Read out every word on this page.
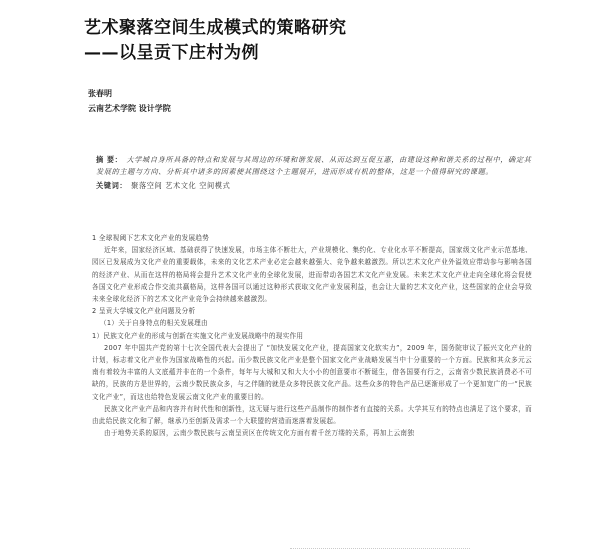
艺术聚落空间生成模式的策略研究
——以呈贡下庄村为例
张春明
云南艺术学院 设计学院

摘 要： 大学城自身所具备的特点和发展与其周边的环境和谐发展、从而达到互促互惠，由建设这种和谐关系的过程中，确定其发展的主题与方向、分析其中诸多的因素使其围绕这个主题展开，进而形成有机的整体，这是一个值得研究的课题。

关键词： 聚落空间 艺术文化 空间模式

1 全球视阈下艺术文化产业的发展趋势

近年来，国家经济区域、基础获得了快速发展，市场主体不断壮大，产业规模化、集约化、专业化水平不断提高，国家级文化产业示范基地、园区已发展成为文化产业的重要载体，未来的文化艺术产业必定会越来越强大、竞争越来越激烈。所以艺术文化产业外溢效应带动参与影响各国的经济产业、从而在这样的格局将会提升艺术文化产业的全球化发展，进而带动各国艺术文化产业发展。未来艺术文化产业走向全球化将会促使各国文化产业形成合作交流共赢格局，这样各国可以通过这种形式获取文化产业发展利益，也会让大量的艺术文化产业，这些国家的企业会导致未来全球化经济下的艺术文化产业竞争会持续越来越激烈。

2 呈贡大学城文化产业问题及分析
（1）关于自身特点的相关发展理由

1）民族文化产业的形成与创新在实施文化产业发展战略中的现实作用

2007 年中国共产党的第十七次全国代表大会提出了 “加快发展文化产业，提高国家文化软实力”，2009 年，国务院审议了振兴文化产业的计划，标志着文化产业作为国家战略性的兴起。而少数民族文化产业是整个国家文化产业战略发展当中十分重要的一个方面。民族和其众多元云南有着较为丰富的人文底蕴并非在的一个条件，每年与大城和又和大大小小的创意要市不断诞生，借各国要有行之，云南省少数民族消费必不可缺的，民族的方是世界的，云南少数民族众多，与之伴随的就是众多特民族文化产品。这些众多的特色产品已逐渐形成了一个更加宽广的一“民族文化产业”，而这也给特色发展云南文化产业的重要目的。

民族文化产业产品和内容并有时代性和创新性，这无疑与进行这些产品制作的制作者有直接的关系。大学其互有的特点也满足了这个要求，而由此给民族文化和了解，继承乃至创新及需求一个大联盟的营造而迷落着发展起。

由于地势关系的原因，云南少数民族与云南呈贡区在传统文化方面有着千丝万缕的关系，再加上云南独
